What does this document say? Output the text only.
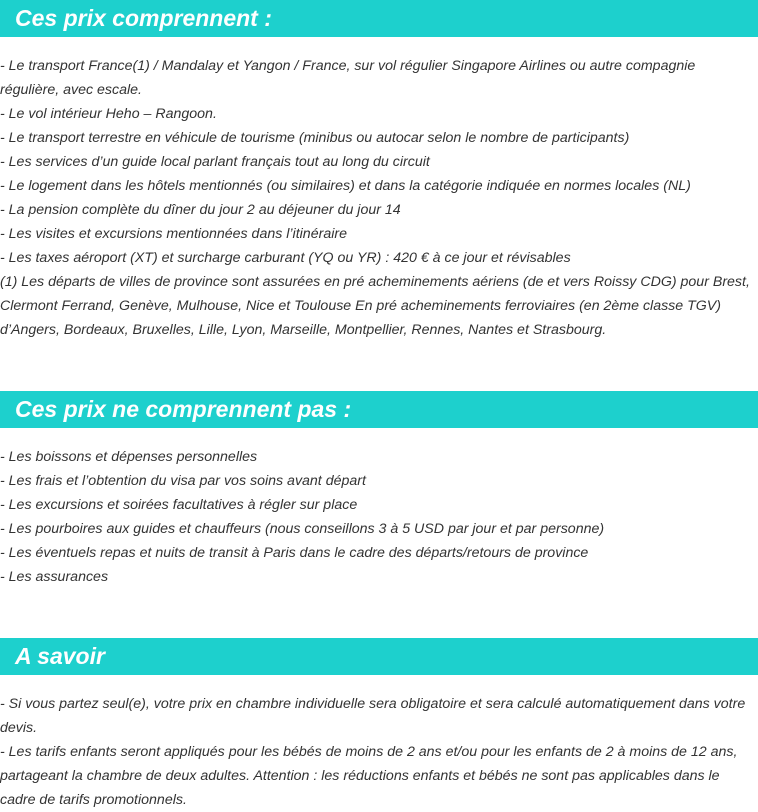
Ces prix comprennent :
- Le transport France(1) / Mandalay et Yangon / France, sur vol régulier Singapore Airlines ou autre compagnie régulière, avec escale.
- Le vol intérieur Heho – Rangoon.
- Le transport terrestre en véhicule de tourisme (minibus ou autocar selon le nombre de participants)
- Les services d’un guide local parlant français tout au long du circuit
- Le logement dans les hôtels mentionnés (ou similaires) et dans la catégorie indiquée en normes locales (NL)
- La pension complète du dîner du jour 2 au déjeuner du jour 14
- Les visites et excursions mentionnées dans l’itinéraire
- Les taxes aéroport (XT) et surcharge carburant (YQ ou YR) : 420 € à ce jour et révisables
(1) Les départs de villes de province sont assurées en pré acheminements aériens (de et vers Roissy CDG) pour Brest, Clermont Ferrand, Genève, Mulhouse, Nice et Toulouse En pré acheminements ferroviaires (en 2ème classe TGV) d’Angers, Bordeaux, Bruxelles, Lille, Lyon, Marseille, Montpellier, Rennes, Nantes et Strasbourg.
Ces prix ne comprennent pas :
- Les boissons et dépenses personnelles
- Les frais et l’obtention du visa par vos soins avant départ
- Les excursions et soirées facultatives à régler sur place
- Les pourboires aux guides et chauffeurs (nous conseillons 3 à 5 USD par jour et par personne)
- Les éventuels repas et nuits de transit à Paris dans le cadre des départs/retours de province
- Les assurances
A savoir
- Si vous partez seul(e), votre prix en chambre individuelle sera obligatoire et sera calculé automatiquement dans votre devis.
- Les tarifs enfants seront appliqués pour les bébés de moins de 2 ans et/ou pour les enfants de 2 à moins de 12 ans, partageant la chambre de deux adultes. Attention : les réductions enfants et bébés ne sont pas applicables dans le cadre de tarifs promotionnels.
